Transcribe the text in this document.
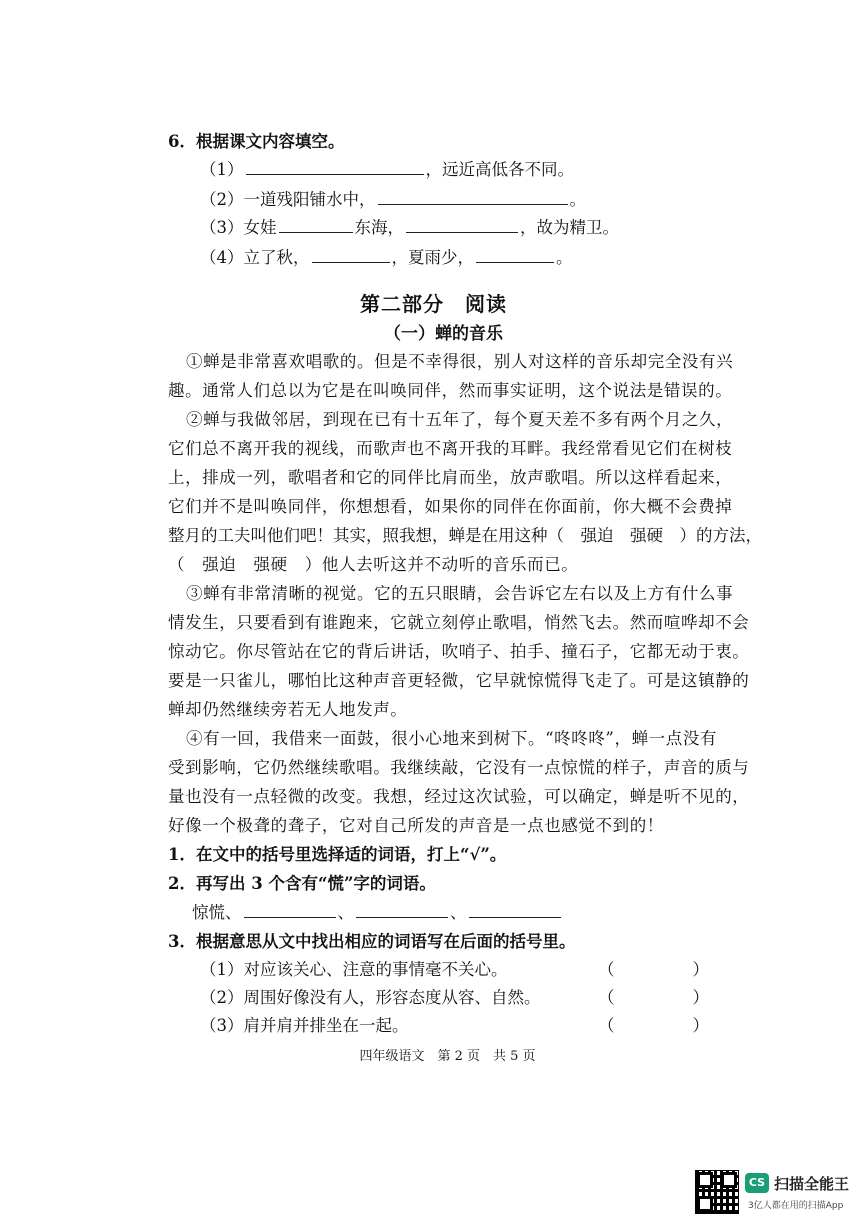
6．根据课文内容填空。
（1）	，远近高低各不同。
（2）一道残阳铺水中，	。
（3）女娃	东海，	，故为精卫。
（4）立了秋，	，夏雨少，	。
第二部分　阅读
（一）蝉的音乐
①蝉是非常喜欢唱歌的。但是不幸得很，别人对这样的音乐却完全没有兴
趣。通常人们总以为它是在叫唤同伴，然而事实证明，这个说法是错误的。
②蝉与我做邻居，到现在已有十五年了，每个夏天差不多有两个月之久，
它们总不离开我的视线，而歌声也不离开我的耳畔。我经常看见它们在树枝
上，排成一列，歌唱者和它的同伴比肩而坐，放声歌唱。所以这样看起来，
它们并不是叫唤同伴，你想想看，如果你的同伴在你面前，你大概不会费掉
整月的工夫叫他们吧！其实，照我想，蝉是在用这种（　强迫　强硬　）的方法，
（　强迫　强硬　）他人去听这并不动听的音乐而已。
③蝉有非常清晰的视觉。它的五只眼睛，会告诉它左右以及上方有什么事
情发生，只要看到有谁跑来，它就立刻停止歌唱，悄然飞去。然而喧哗却不会
惊动它。你尽管站在它的背后讲话，吹哨子、拍手、撞石子，它都无动于衷。
要是一只雀儿，哪怕比这种声音更轻微，它早就惊慌得飞走了。可是这镇静的
蝉却仍然继续旁若无人地发声。
④有一回，我借来一面鼓，很小心地来到树下。“咚咚咚”，蝉一点没有
受到影响，它仍然继续歌唱。我继续敲，它没有一点惊慌的样子，声音的质与
量也没有一点轻微的改变。我想，经过这次试验，可以确定，蝉是听不见的，
好像一个极聋的聋子，它对自己所发的声音是一点也感觉不到的！
1．在文中的括号里选择适的词语，打上“√”。
2．再写出 3 个含有“慌”字的词语。
惊慌、	、	、
3．根据意思从文中找出相应的词语写在后面的括号里。
（1）对应该关心、注意的事情毫不关心。	（	）
（2）周围好像没有人，形容态度从容、自然。	（	）
（3）肩并肩并排坐在一起。	（	）
四年级语文　第 2 页　共 5 页
CS 扫描全能王
3亿人都在用的扫描App
